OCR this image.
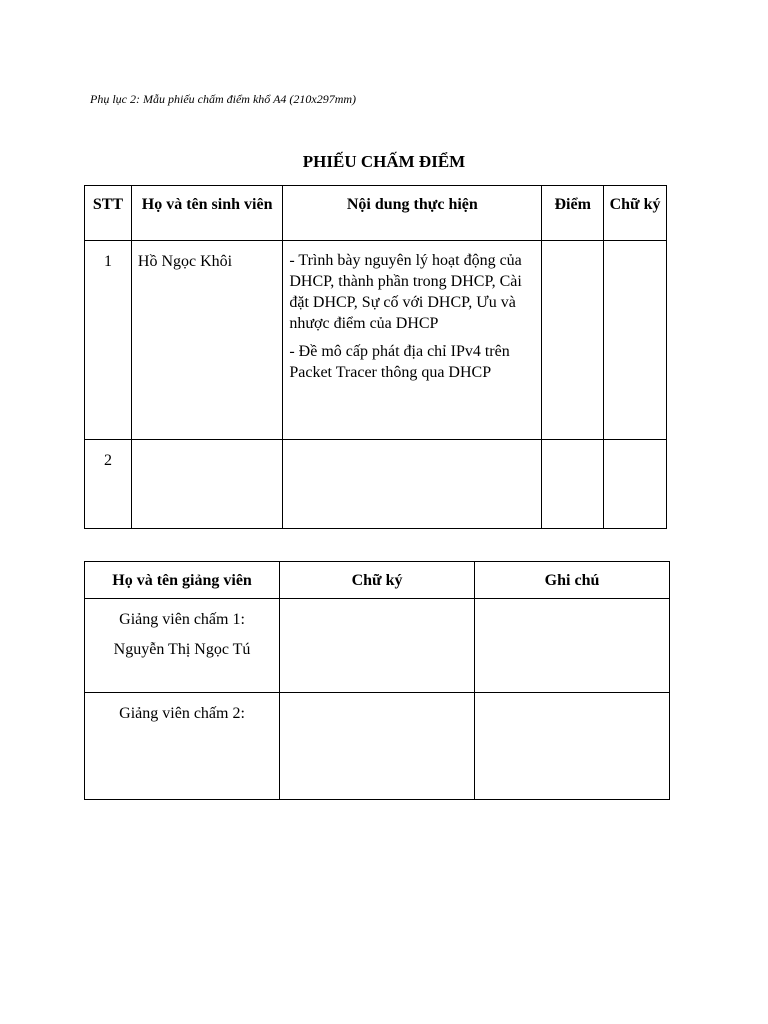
Phụ lục 2: Mẫu phiếu chấm điểm khổ A4 (210x297mm)
PHIẾU CHẤM ĐIỂM
STT	Họ và tên sinh viên	Nội dung thực hiện	Điểm	Chữ ký
1	Hồ Ngọc Khôi	- Trình bày nguyên lý hoạt động của DHCP, thành phần trong DHCP, Cài đặt DHCP, Sự cố với DHCP, Ưu và nhược điểm của DHCP

- Đề mô cấp phát địa chỉ IPv4 trên Packet Tracer thông qua DHCP		

2				
Họ và tên giảng viên	Chữ ký	Ghi chú

Giảng viên chấm 1:
Nguyễn Thị Ngọc Tú		

Giảng viên chấm 2:		
